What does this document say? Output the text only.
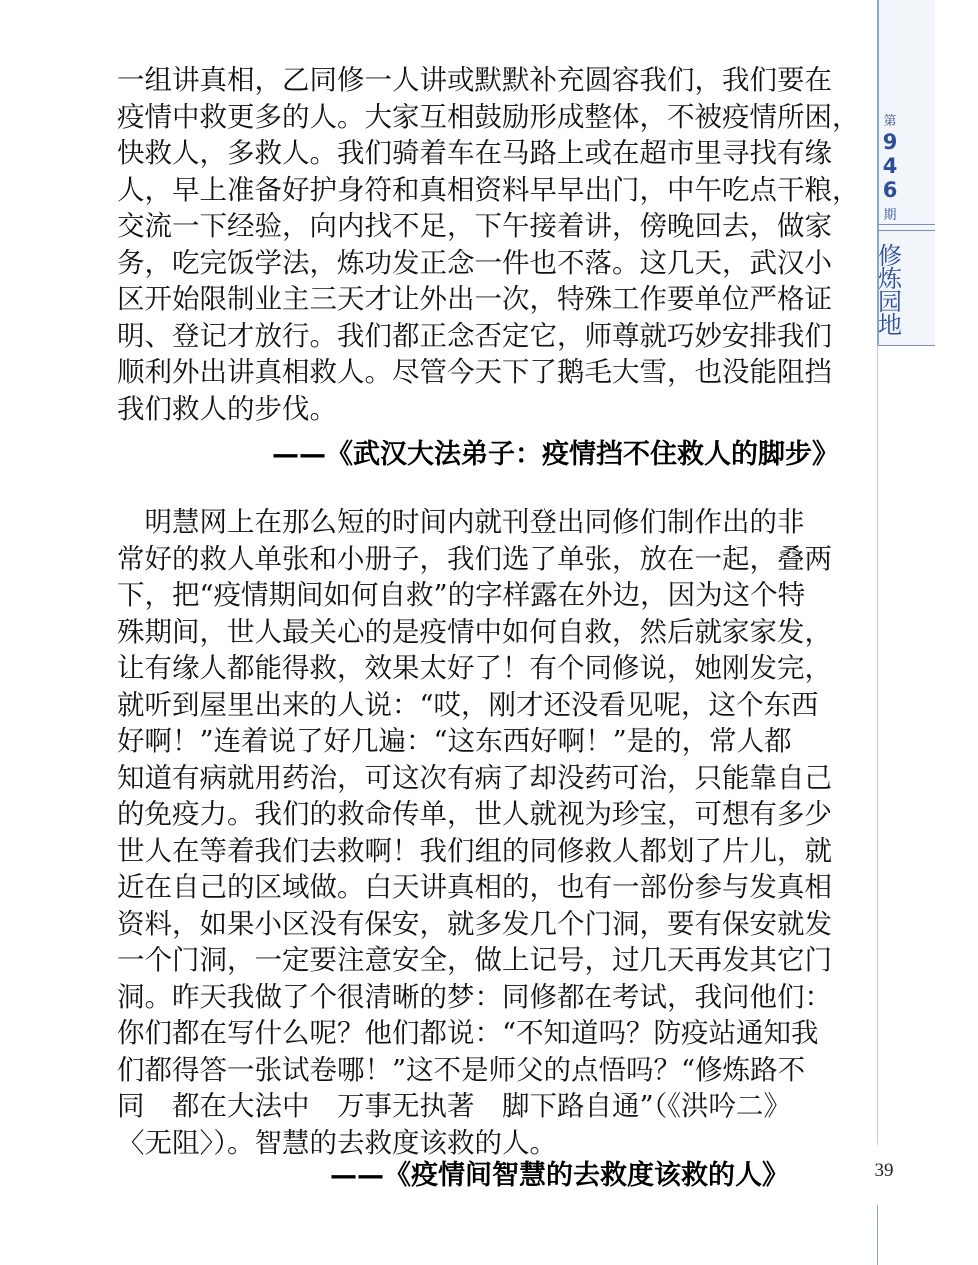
第
9
4
6
期
修
炼
园
地
一组讲真相，乙同修一人讲或默默补充圆容我们，我们要在
疫情中救更多的人。大家互相鼓励形成整体，不被疫情所困，
快救人，多救人。我们骑着车在马路上或在超市里寻找有缘
人，早上准备好护身符和真相资料早早出门，中午吃点干粮，
交流一下经验，向内找不足，下午接着讲，傍晚回去，做家
务，吃完饭学法，炼功发正念一件也不落。这几天，武汉小
区开始限制业主三天才让外出一次，特殊工作要单位严格证
明、登记才放行。我们都正念否定它，师尊就巧妙安排我们
顺利外出讲真相救人。尽管今天下了鹅毛大雪，也没能阻挡
我们救人的步伐。
——《武汉大法弟子：疫情挡不住救人的脚步》
　明慧网上在那么短的时间内就刊登出同修们制作出的非
常好的救人单张和小册子，我们选了单张，放在一起，叠两
下，把“疫情期间如何自救”的字样露在外边，因为这个特
殊期间，世人最关心的是疫情中如何自救，然后就家家发，
让有缘人都能得救，效果太好了！有个同修说，她刚发完，
就听到屋里出来的人说：“哎，刚才还没看见呢，这个东西
好啊！”连着说了好几遍：“这东西好啊！”是的，常人都
知道有病就用药治，可这次有病了却没药可治，只能靠自己
的免疫力。我们的救命传单，世人就视为珍宝，可想有多少
世人在等着我们去救啊！我们组的同修救人都划了片儿，就
近在自己的区域做。白天讲真相的，也有一部份参与发真相
资料，如果小区没有保安，就多发几个门洞，要有保安就发
一个门洞，一定要注意安全，做上记号，过几天再发其它门
洞。昨天我做了个很清晰的梦：同修都在考试，我问他们：
你们都在写什么呢？他们都说：“不知道吗？防疫站通知我
们都得答一张试卷哪！”这不是师父的点悟吗？“修炼路不
同　都在大法中　万事无执著　脚下路自通”（《洪吟二》
〈无阻〉）。智慧的去救度该救的人。
——《疫情间智慧的去救度该救的人》	39
